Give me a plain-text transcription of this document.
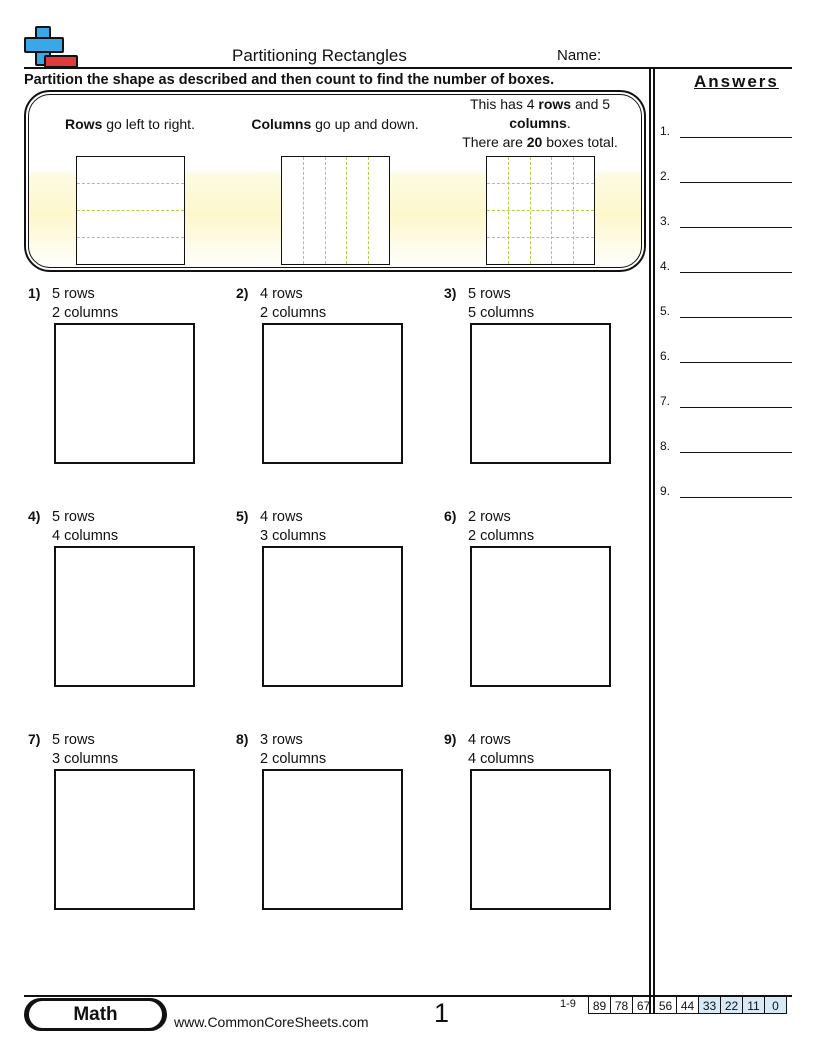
Partitioning Rectangles	Name:
Partition the shape as described and then count to find the number of boxes.	Answers
1.
2.
3.
4.
5.
6.
7.
8.
9.
Rows go left to right.	Columns go up and down.
This has 4 rows and 5
columns.
There are 20 boxes total.
1) 5 rows
2 columns
2) 4 rows
2 columns
3) 5 rows
5 columns
4) 5 rows
4 columns
5) 4 rows
3 columns
6) 2 rows
2 columns
7) 5 rows
3 columns
8) 3 rows
2 columns
9) 4 rows
4 columns
Math	www.CommonCoreSheets.com 1	1-9	89 78 67 56 44 33 22 11	0
